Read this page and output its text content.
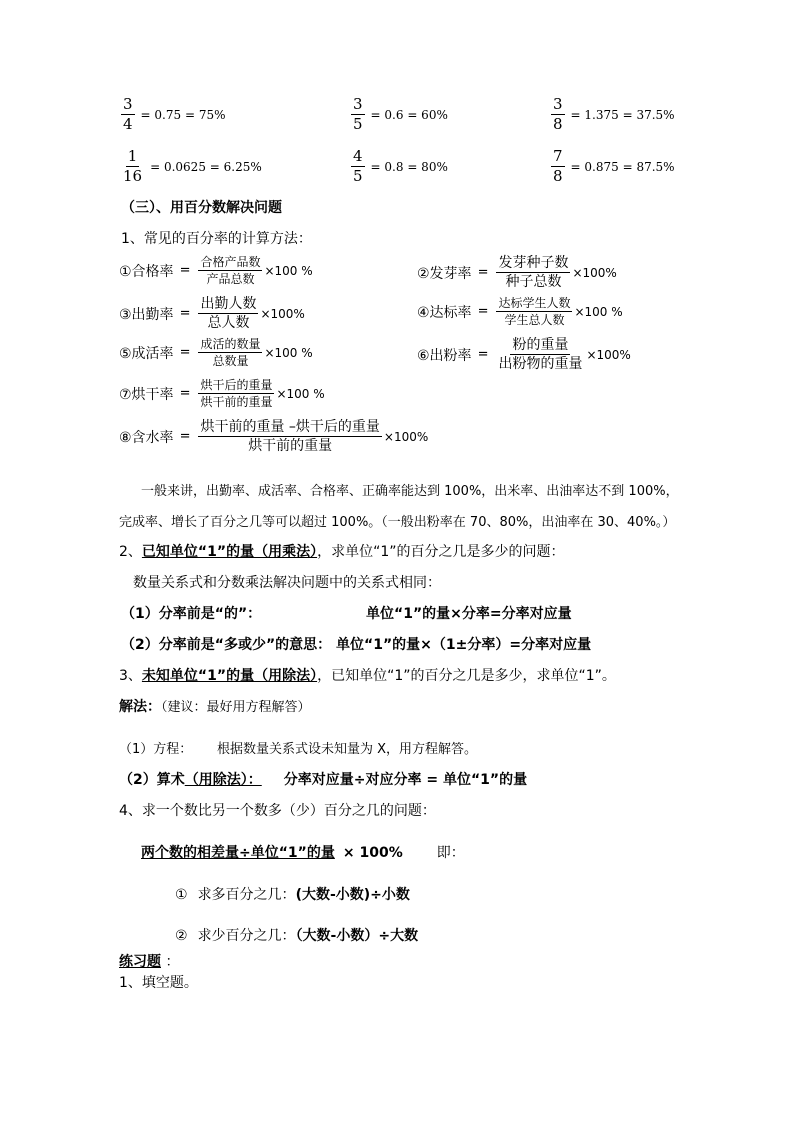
$\frac{3}{4} = 0.75 = 75\%$	$\frac{3}{5} = 0.6 = 60\%$	$\frac{3}{8} = 1.375 = 37.5\%$
$\frac{1}{16} = 0.0625 = 6.25\%$	$\frac{4}{5} = 0.8 = 80\%$	$\frac{7}{8} = 0.875 = 87.5\%$
（三）、用百分数解决问题
1、常见的百分率的计算方法：
①合格率 = $\frac{\text{合格产品数}}{\text{产品总数}} \times 100$ %	②发芽率 = $\frac{\text{发芽种子数}}{\text{种子总数}} \times 100\%$
③出勤率 = $\frac{\text{出勤人数}}{\text{总人数}} \times 100\%$	④达标率 = $\frac{\text{达标学生人数}}{\text{学生总人数}} \times 100$ %
⑤成活率 = $\frac{\text{成活的数量}}{\text{总数量}} \times 100$ %	⑥出粉率 = $\frac{\text{粉的重量}}{\text{出粉物的重量}} \times 100\%$
⑦烘干率 = $\frac{\text{烘干后的重量}}{\text{烘干前的重量}} \times 100$ %
⑧含水率 = $\frac{\text{烘干前的重量 –烘干后的重量}}{\text{烘干前的重量}} \times 100\%$
一般来讲，出勤率、成活率、合格率、正确率能达到 100%，出米率、出油率达不到 100%，
完成率、增长了百分之几等可以超过 100%。（一般出粉率在 70、80%，出油率在 30、40%。）
2、已知单位“1”的量（用乘法），求单位“1”的百分之几是多少的问题：
数量关系式和分数乘法解决问题中的关系式相同：
（1）分率前是“的”：	单位“1”的量×分率=分率对应量
（2）分率前是“多或少”的意思： 单位“1”的量×（1±分率）=分率对应量
3、未知单位“1”的量（用除法），已知单位“1”的百分之几是多少，求单位“1”。
解法：（建议：最好用方程解答）
（1）方程： 根据数量关系式设未知量为 X，用方程解答。
（2）算术（用除法）： 分率对应量÷对应分率 = 单位“1”的量
4、求一个数比另一个数多（少）百分之几的问题：
两个数的相差量÷单位“1”的量 × 100% 即：
① 求多百分之几：(大数-小数)÷小数
② 求少百分之几：（大数-小数）÷大数
练习题 ：
1、填空题。
